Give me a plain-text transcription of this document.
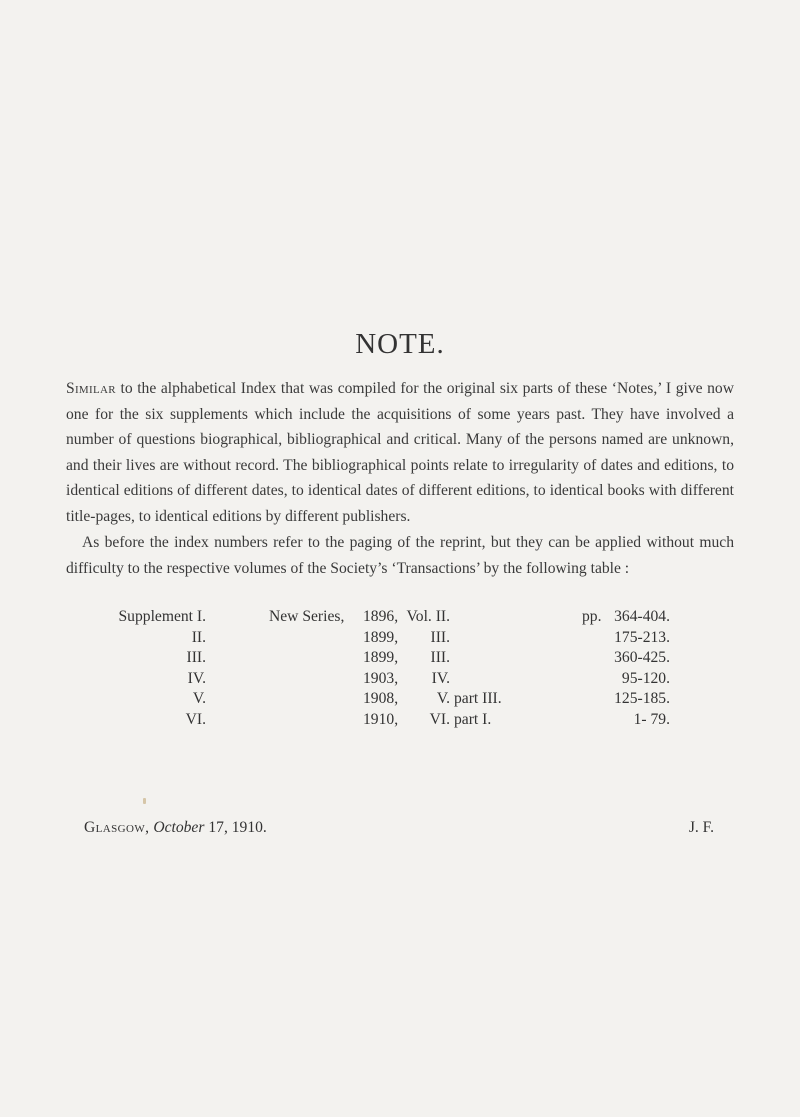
NOTE.

Similar to the alphabetical Index that was compiled for the original six parts of these ‘Notes,’ I give now one for the six supplements which include the acquisitions of some years past. They have involved a number of questions biographical, bibliographical and critical. Many of the persons named are unknown, and their lives are without record. The bibliographical points relate to irregularity of dates and editions, to identical editions of different dates, to identical dates of different editions, to identical books with different title-pages, to identical editions by different publishers.

As before the index numbers refer to the paging of the reprint, but they can be applied without much difficulty to the respective volumes of the Society’s ‘Transactions’ by the following table :

Supplement I.	New Series, 1896, Vol. II.	pp. 364-404.
II.	1899, III.	175-213.
III.	1899, III.	360-425.
IV.	1903, IV.	95-120.
V.	1908, V. part III.	125-185.
VI.	1910, VI. part I.	1- 79.
Glasgow, October 17, 1910.	J. F.
